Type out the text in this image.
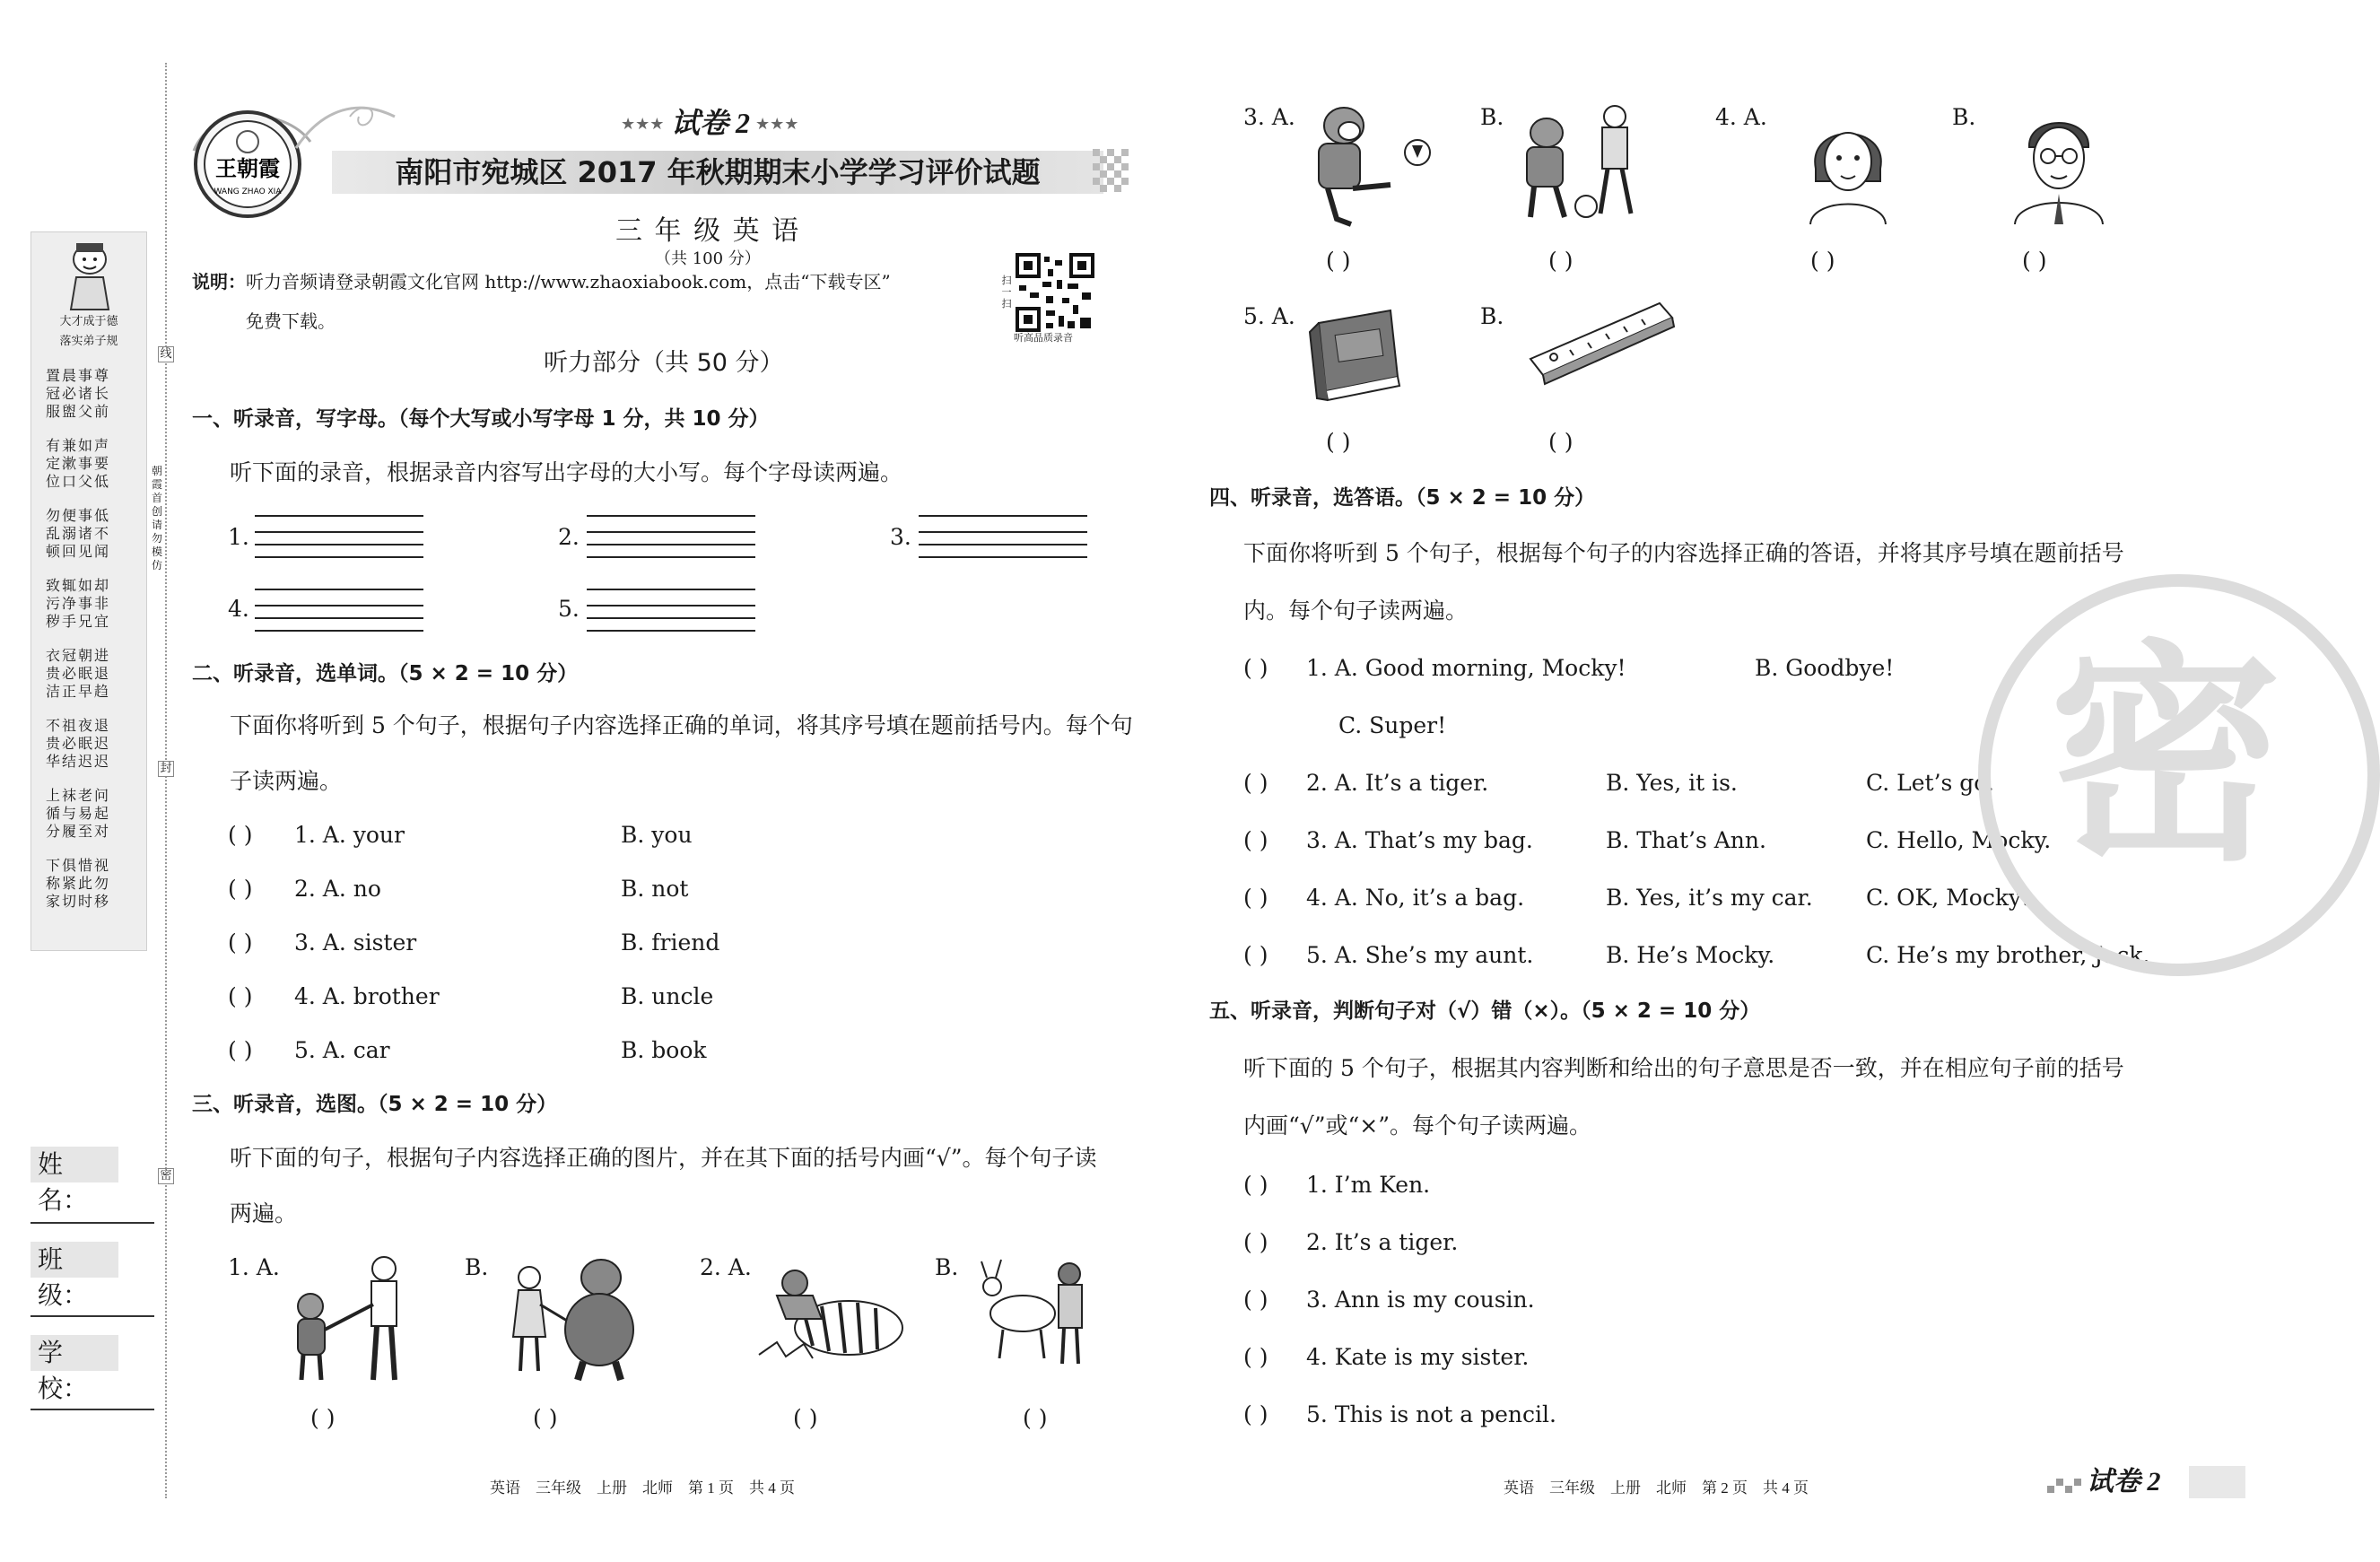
大才成于德
落实弟子规
置晨事尊
冠必诸长
服盥父前
有兼如声
定漱事要
位口父低
勿便事低
乱溺诸不
顿回见闻
致辄如却
污净事非
秽手兄宜
衣冠朝进
贵必眠退
洁正早趋
不祖夜退
贵必眠迟
华结迟迟
上袜老问
循与易起
分履至对
下俱惜视
称紧此勿
家切时移
线
朝霞首创 请勿模仿
封
密
姓 名：
班 级：
学 校：
王朝霞
WANG ZHAO XIA
★★★ 试卷 2 ★★★
南阳市宛城区 2017 年秋期期末小学学习评价试题
三 年 级 英 语
（共 100 分）
说明： 听力音频请登录朝霞文化官网 http://www.zhaoxiabook.com，点击“下载专区”
免费下载。
扫一扫
听高品质录音
听力部分（共 50 分）
一、听录音，写字母。（每个大写或小写字母 1 分，共 10 分）
听下面的录音，根据录音内容写出字母的大小写。每个字母读两遍。
1.	2.	3.
4.	5.
二、听录音，选单词。（5 × 2 = 10 分）
下面你将听到 5 个句子，根据句子内容选择正确的单词，将其序号填在题前括号内。每个句
子读两遍。
( ) 1. A. your	B. you
( ) 2. A. no	B. not
( ) 3. A. sister	B. friend
( ) 4. A. brother	B. uncle
( ) 5. A. car	B. book
三、听录音，选图。（5 × 2 = 10 分）
听下面的句子，根据句子内容选择正确的图片，并在其下面的括号内画“√”。每个句子读
两遍。
1. A.
( )
B.
( )
2. A.
( )
B.
( )
英语　三年级　上册　北师　第 1 页　共 4 页
3. A.
( )
B.
( )
4. A.
( )
B.
( )
5. A.
( )
B.
( )
四、听录音，选答语。（5 × 2 = 10 分）
下面你将听到 5 个句子，根据每个句子的内容选择正确的答语，并将其序号填在题前括号
内。每个句子读两遍。
( ) 1. A. Good morning, Mocky!	B. Goodbye!
C. Super!
( ) 2. A. It’s a tiger.	B. Yes, it is.	C. Let’s go.
( ) 3. A. That’s my bag.	B. That’s Ann.	C. Hello, Mocky.
( ) 4. A. No, it’s a bag.	B. Yes, it’s my car. C. OK, Mocky!
( ) 5. A. She’s my aunt.	B. He’s Mocky.	C. He’s my brother, Jack.
五、听录音，判断句子对（√）错（×）。（5 × 2 = 10 分）
听下面的 5 个句子，根据其内容判断和给出的句子意思是否一致，并在相应句子前的括号
内画“√”或“×”。每个句子读两遍。
( ) 1. I’m Ken.
( ) 2. It’s a tiger.
( ) 3. Ann is my cousin.
( ) 4. Kate is my sister.
( ) 5. This is not a pencil.
密
英语　三年级　上册　北师　第 2 页　共 4 页	试卷 2
